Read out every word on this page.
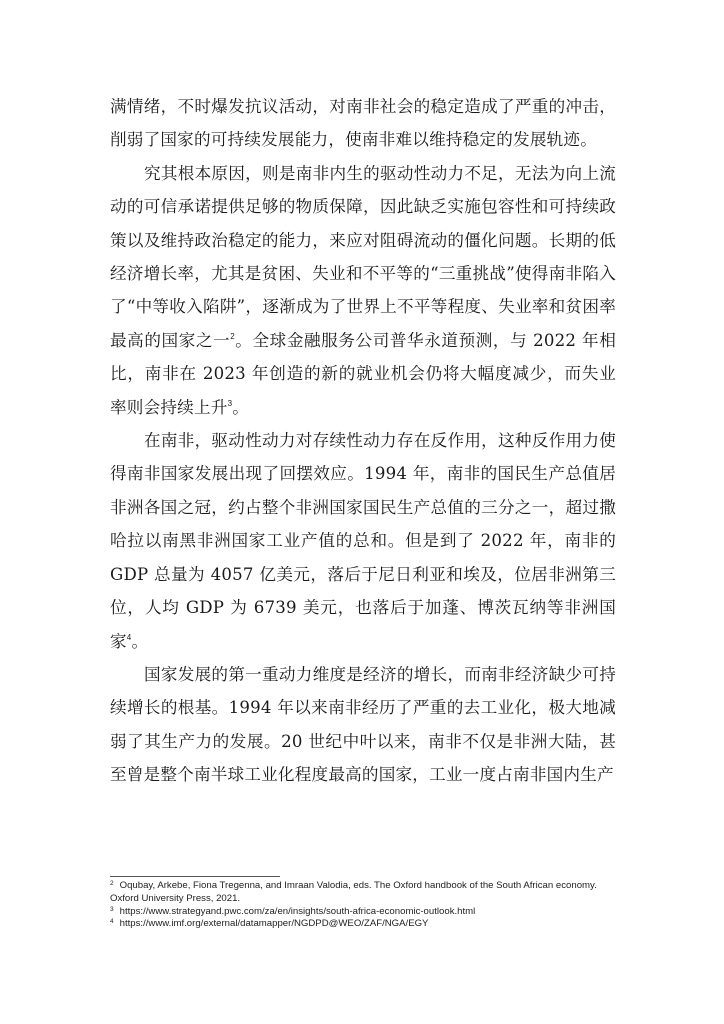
满情绪，不时爆发抗议活动，对南非社会的稳定造成了严重的冲击，削弱了国家的可持续发展能力，使南非难以维持稳定的发展轨迹。

究其根本原因，则是南非内生的驱动性动力不足，无法为向上流动的可信承诺提供足够的物质保障，因此缺乏实施包容性和可持续政策以及维持政治稳定的能力，来应对阻碍流动的僵化问题。长期的低经济增长率，尤其是贫困、失业和不平等的“三重挑战”使得南非陷入了“中等收入陷阱”，逐渐成为了世界上不平等程度、失业率和贫困率最高的国家之一$^2$。全球金融服务公司普华永道预测，与 2022 年相比，南非在 2023 年创造的新的就业机会仍将大幅度减少，而失业率则会持续上升$^3$。

在南非，驱动性动力对存续性动力存在反作用，这种反作用力使得南非国家发展出现了回摆效应。1994 年，南非的国民生产总值居非洲各国之冠，约占整个非洲国家国民生产总值的三分之一，超过撒哈拉以南黑非洲国家工业产值的总和。但是到了 2022 年，南非的 GDP 总量为 4057 亿美元，落后于尼日利亚和埃及，位居非洲第三位，人均 GDP 为 6739 美元，也落后于加蓬、博茨瓦纳等非洲国家$^4$。

国家发展的第一重动力维度是经济的增长，而南非经济缺少可持续增长的根基。1994 年以来南非经历了严重的去工业化，极大地减弱了其生产力的发展。20 世纪中叶以来，南非不仅是非洲大陆，甚至曾是整个南半球工业化程度最高的国家，工业一度占南非国内生产

$^2$ Oqubay, Arkebe, Fiona Tregenna, and Imraan Valodia, eds. The Oxford handbook of the South African economy. Oxford University Press, 2021.

$^3$ https://www.strategyand.pwc.com/za/en/insights/south-africa-economic-outlook.html

$^4$ https://www.imf.org/external/datamapper/NGDPD@WEO/ZAF/NGA/EGY
